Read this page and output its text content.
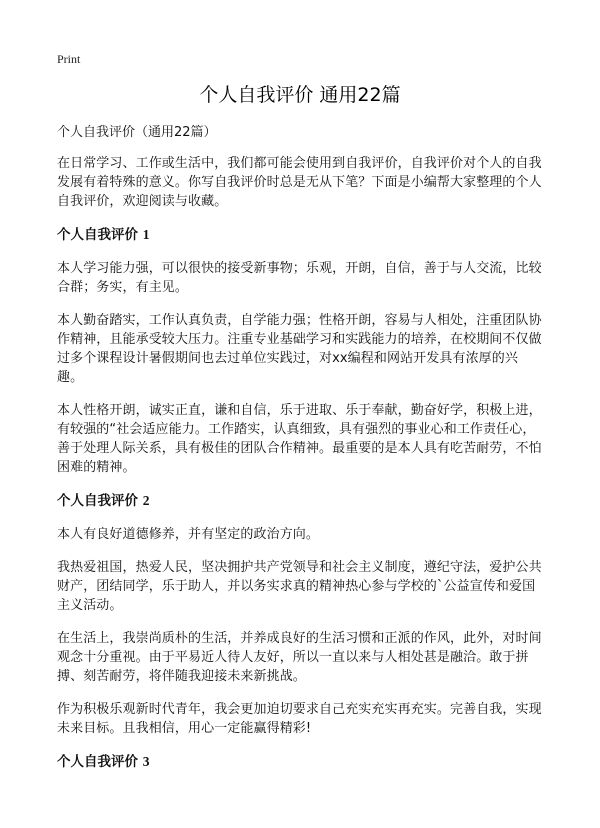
Print
个人自我评价 通用22篇

个人自我评价（通用22篇）

在日常学习、工作或生活中，我们都可能会使用到自我评价，自我评价对个人的自我发展有着特殊的意义。你写自我评价时总是无从下笔？下面是小编帮大家整理的个人自我评价，欢迎阅读与收藏。

个人自我评价 1

本人学习能力强，可以很快的接受新事物；乐观，开朗，自信，善于与人交流，比较合群；务实，有主见。

本人勤奋踏实，工作认真负责，自学能力强；性格开朗，容易与人相处，注重团队协作精神，且能承受较大压力。注重专业基础学习和实践能力的培养，在校期间不仅做过多个课程设计暑假期间也去过单位实践过，对xx编程和网站开发具有浓厚的兴趣。

本人性格开朗，诚实正直，谦和自信，乐于进取、乐于奉献，勤奋好学，积极上进，有较强的“社会适应能力。工作踏实，认真细致，具有强烈的事业心和工作责任心，善于处理人际关系，具有极佳的团队合作精神。最重要的是本人具有吃苦耐劳，不怕困难的精神。

个人自我评价 2

本人有良好道德修养，并有坚定的政治方向。

我热爱祖国，热爱人民，坚决拥护共产党领导和社会主义制度，遵纪守法，爱护公共财产，团结同学，乐于助人，并以务实求真的精神热心参与学校的`公益宣传和爱国主义活动。

在生活上，我崇尚质朴的生活，并养成良好的生活习惯和正派的作风，此外，对时间观念十分重视。由于平易近人待人友好，所以一直以来与人相处甚是融洽。敢于拼搏、刻苦耐劳，将伴随我迎接未来新挑战。

作为积极乐观新时代青年，我会更加迫切要求自己充实充实再充实。完善自我，实现未来目标。且我相信，用心一定能赢得精彩!

个人自我评价 3
